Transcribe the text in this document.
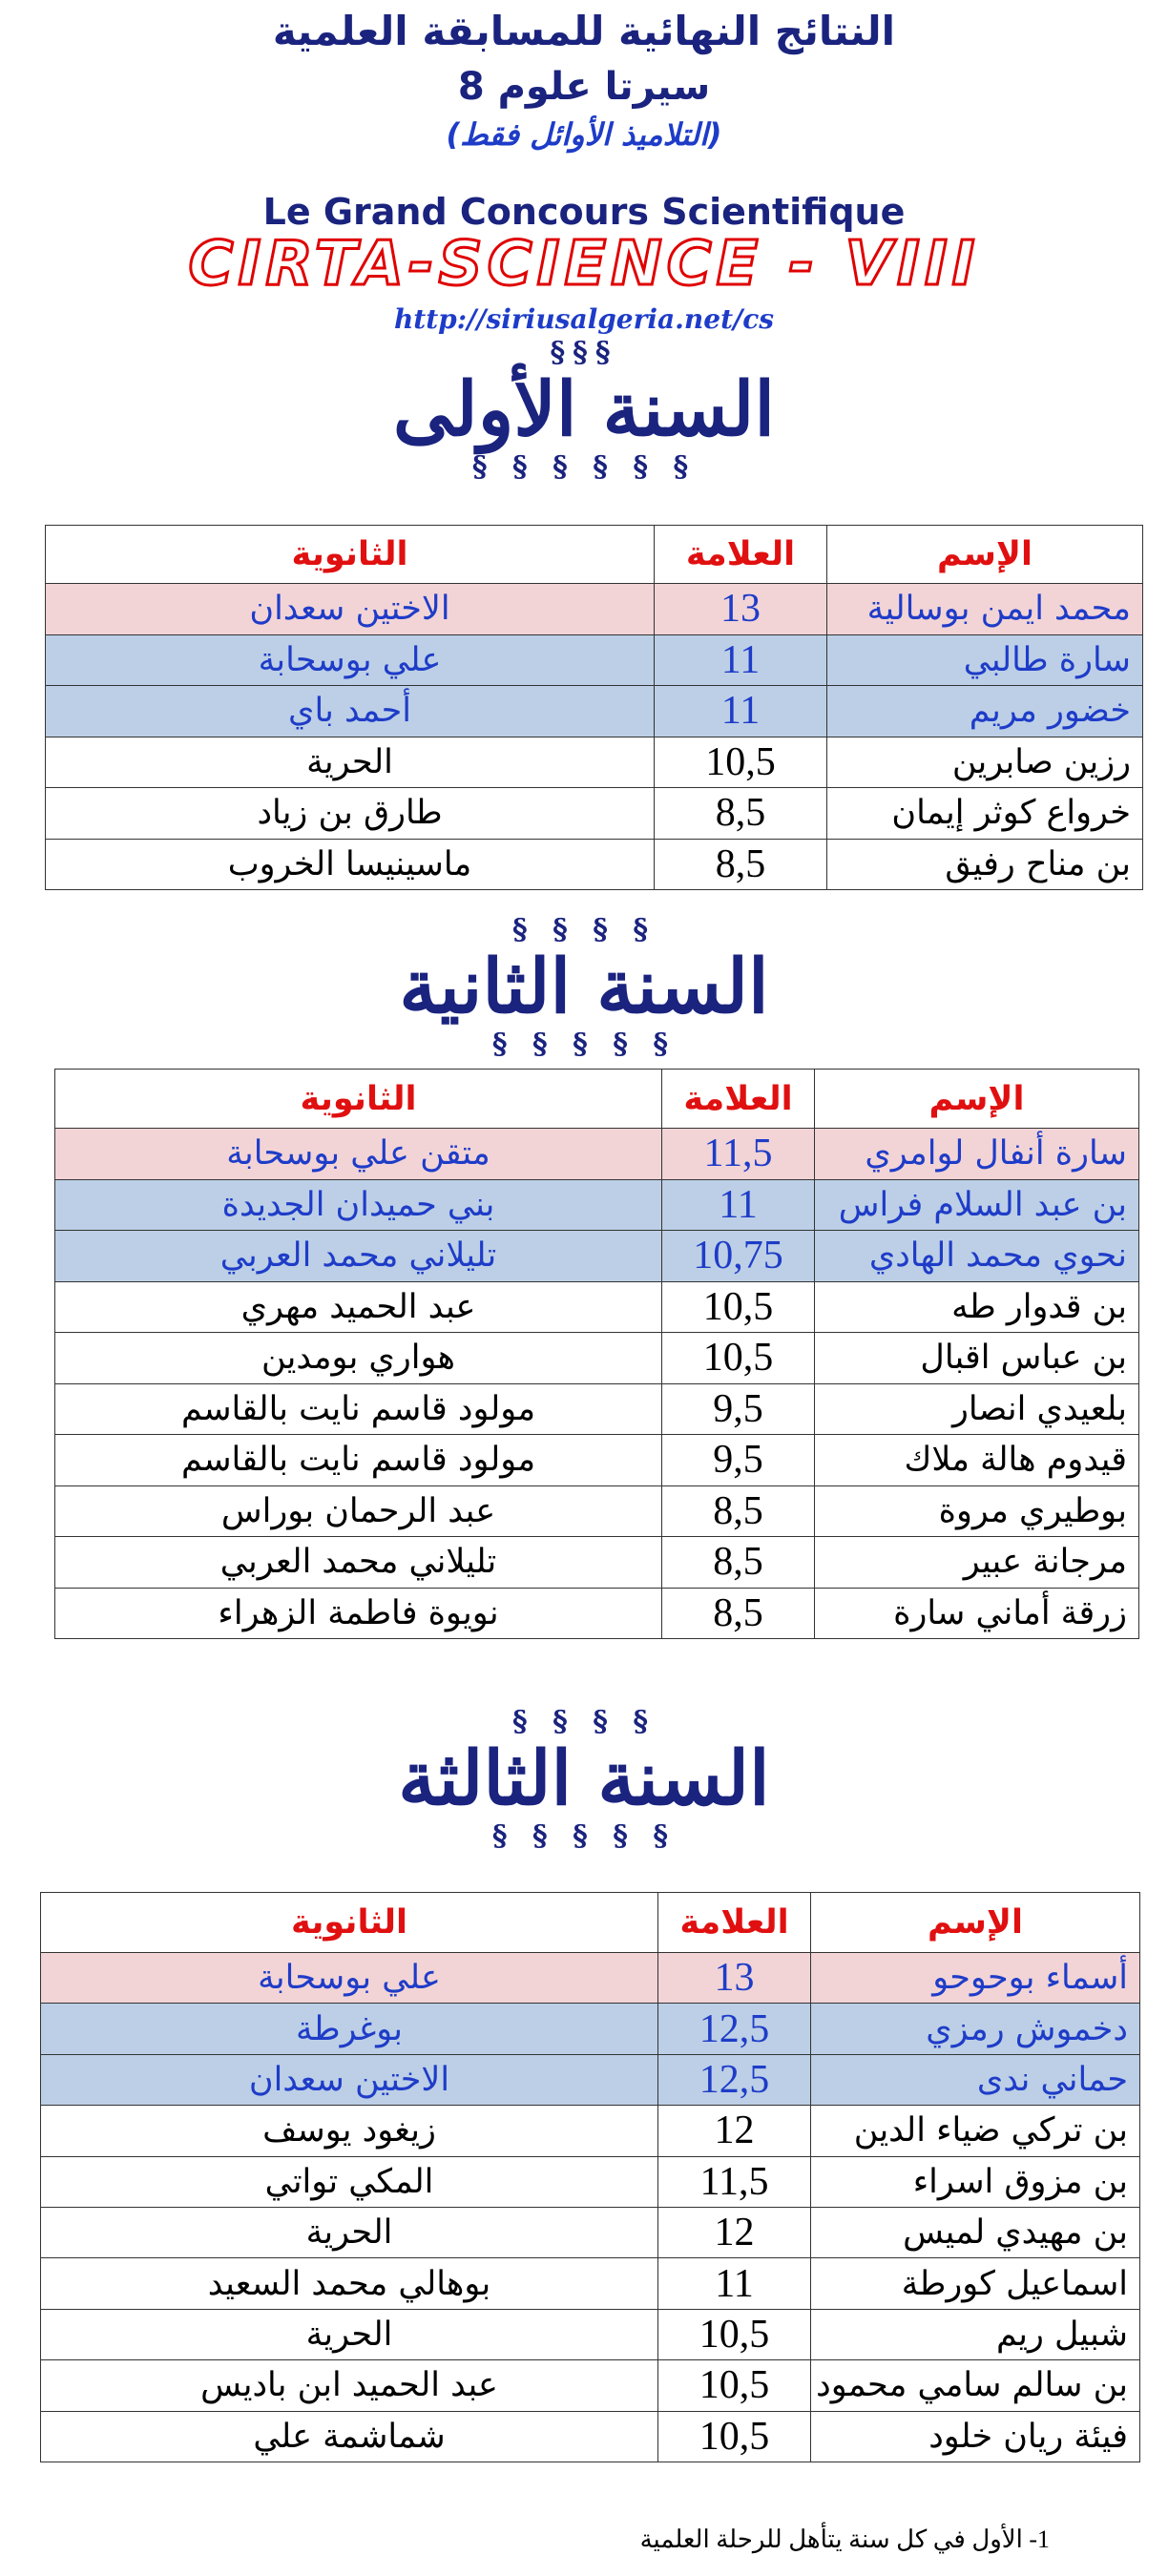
النتائج النهائية للمسابقة العلمية
سيرتا علوم 8
(التلاميذ الأوائل فقط)
Le Grand Concours Scientifique
CIRTA-SCIENCE - VIII
http://siriusalgeria.net/cs
§§§
السنة الأولى
§ § § § § §
الإسم	العلامة	الثانوية
محمد ايمن بوسالية	13	الاختين سعدان
سارة طالبي	11	علي بوسحابة
خضور مريم	11	أحمد باي
رزين صابرين	10,5	الحرية
خرواع كوثر إيمان	8,5	طارق بن زياد
بن مناح رفيق	8,5	ماسينيسا الخروب
§ § § §
السنة الثانية
§ § § § §
الإسم	العلامة	الثانوية
سارة أنفال لوامري	11,5	متقن علي بوسحابة
بن عبد السلام فراس	11	بني حميدان الجديدة
نحوي محمد الهادي	10,75	تليلاني محمد العربي
بن قدوار طه	10,5	عبد الحميد مهري
بن عباس اقبال	10,5	هواري بومدين
بلعيدي انصار	9,5	مولود قاسم نايت بالقاسم
قيدوم هالة ملاك	9,5	مولود قاسم نايت بالقاسم
بوطيري مروة	8,5	عبد الرحمان بوراس
مرجانة عبير	8,5	تليلاني محمد العربي
زرقة أماني سارة	8,5	نويوة فاطمة الزهراء
§ § § §
السنة الثالثة
§ § § § §
الإسم	العلامة	الثانوية
أسماء بوحوحو	13	علي بوسحابة
دخموش رمزي	12,5	بوغرطة
حماني ندى	12,5	الاختين سعدان
بن تركي ضياء الدين	12	زيغود يوسف
بن مزوق اسراء	11,5	المكي تواتي
بن مهيدي لميس	12	الحرية
اسماعيل كورطة	11	بوهالي محمد السعيد
شبيل ريم	10,5	الحرية
بن سالم سامي محمود	10,5	عبد الحميد ابن باديس
فيئة ريان خلود	10,5	شماشمة علي
1- الأول في كل سنة يتأهل للرحلة العلمية
